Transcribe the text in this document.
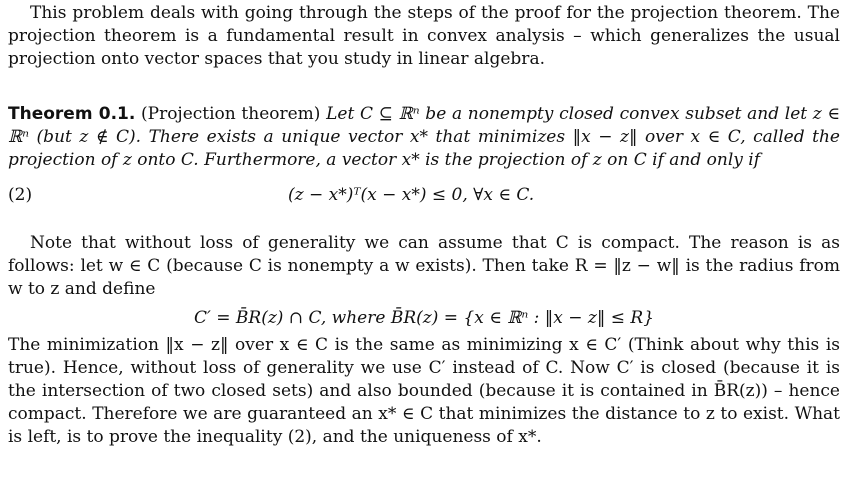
This problem deals with going through the steps of the proof for the projection theorem. The projection theorem is a fundamental result in convex analysis – which generalizes the usual projection onto vector spaces that you study in linear algebra.

Theorem 0.1. (Projection theorem) Let C ⊆ ℝⁿ be a nonempty closed convex subset and let z ∈ ℝⁿ (but z ∉ C). There exists a unique vector x* that minimizes ‖x − z‖ over x ∈ C, called the projection of z onto C. Furthermore, a vector x* is the projection of z on C if and only if

(2)	(z − x*)ᵀ(x − x*) ≤ 0, ∀x ∈ C.

Note that without loss of generality we can assume that C is compact. The reason is as follows: let w ∈ C (because C is nonempty a w exists). Then take R = ‖z − w‖ is the radius from w to z and define

C′ = B̄R(z) ∩ C, where B̄R(z) = {x ∈ ℝⁿ : ‖x − z‖ ≤ R}

The minimization ‖x − z‖ over x ∈ C is the same as minimizing x ∈ C′ (Think about why this is true). Hence, without loss of generality we use C′ instead of C. Now C′ is closed (because it is the intersection of two closed sets) and also bounded (because it is contained in B̄R(z)) – hence compact. Therefore we are guaranteed an x* ∈ C that minimizes the distance to z to exist. What is left, is to prove the inequality (2), and the uniqueness of x*.
